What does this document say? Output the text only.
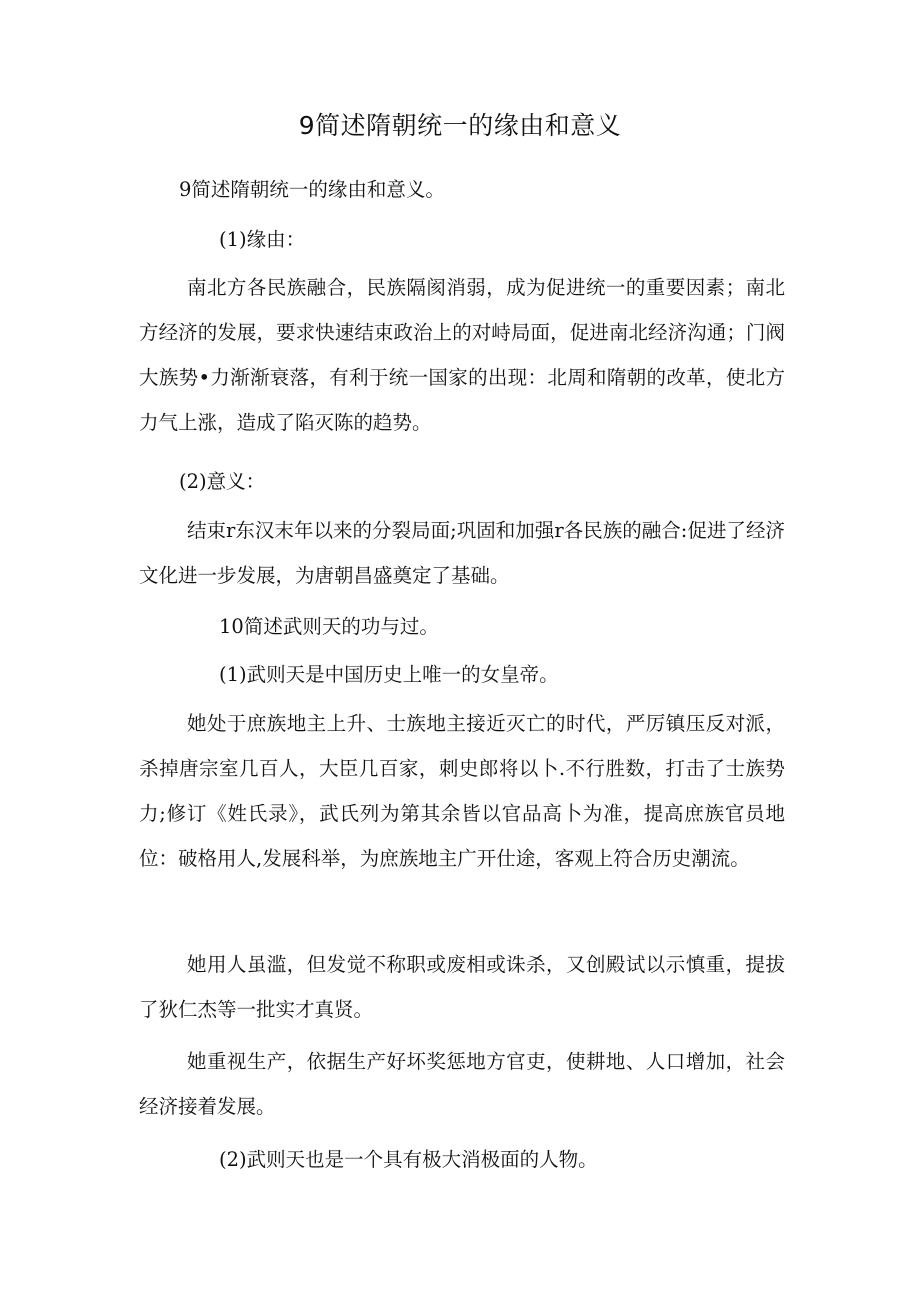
9简述隋朝统一的缘由和意义

9简述隋朝统一的缘由和意义。

(1)缘由：

南北方各民族融合，民族隔阂消弱，成为促进统一的重要因素；南北方经济的发展，要求快速结束政治上的对峙局面，促进南北经济沟通；门阀大族势•力渐渐衰落，有利于统一国家的出现：北周和隋朝的改革，使北方力气上涨，造成了陷灭陈的趋势。

(2)意义：

结束r东汉末年以来的分裂局面;巩固和加强r各民族的融合:促进了经济文化进一步发展，为唐朝昌盛奠定了基础。

10简述武则天的功与过。

(1)武则天是中国历史上唯一的女皇帝。

她处于庶族地主上升、士族地主接近灭亡的时代，严厉镇压反对派，杀掉唐宗室几百人，大臣几百家，刺史郎将以卜.不行胜数，打击了士族势力;修订《姓氏录》，武氏列为第其余皆以官品高卜为准，提高庶族官员地位：破格用人,发展科举，为庶族地主广开仕途，客观上符合历史潮流。

她用人虽滥，但发觉不称职或废相或诛杀，又创殿试以示慎重，提拔了狄仁杰等一批实才真贤。

她重视生产，依据生产好坏奖惩地方官吏，使耕地、人口增加，社会经济接着发展。

(2)武则天也是一个具有极大消极面的人物。
